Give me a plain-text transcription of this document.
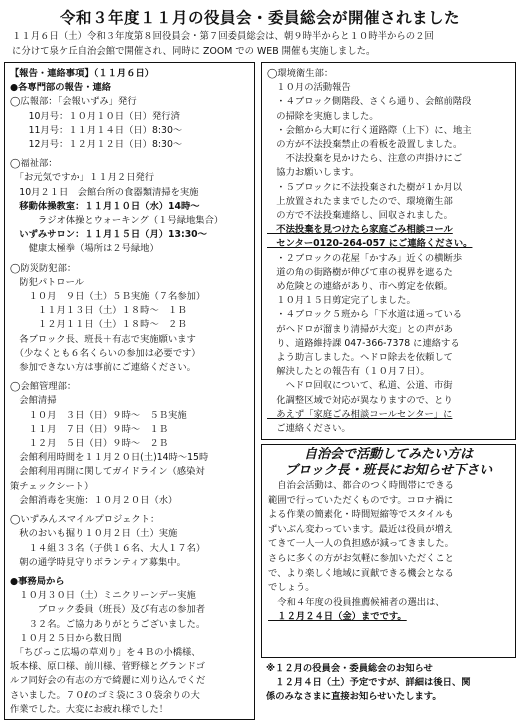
令和３年度１１月の役員会・委員総会が開催されました
１１月６日（土）令和３年度第８回役員会・第７回委員総会は、朝９時半からと１０時半からの２回
に分けて泉ケ丘自治会館で開催され、同時に ZOOM での WEB 開催も実施しました。
【報告・連絡事項】（１１月６日）
●各専門部の報告・連絡
◯広報部：「会報いずみ」発行
　　10月号：１０月１０日（日）発行済
　　11月号：１１月１４日（日）8:30～
　　12月号：１２月１２日（日）8:30～
◯福祉部：
　「お元気ですか」１１月２日発行
　10月２１日　会館台所の食器類清掃を実施
　移動体操教室：１１月１０日（水）14時～
　　　ラジオ体操とウォーキング（１号緑地集合）
　いずみサロン：１１月１５日（月）13:30～
　　健康太極拳（場所は２号緑地）
◯防災防犯部：
　防犯パトロール
　　１０月　９日（土）５Ｂ実施（７名参加）
　　　１１月１３日（土）１８時～　１Ｂ
　　　１２月１１日（土）１８時～　２Ｂ
　各ブロック長、班長＋有志で実施願います
　（少なくとも６名くらいの参加は必要です）
　参加できない方は事前にご連絡ください。
◯会館管理部：
　会館清掃
　　１０月　３日（日）９時～　５Ｂ実施
　　１１月　７日（日）９時～　１Ｂ
　　１２月　５日（日）９時～　２Ｂ
　会館利用時間を１１月２０日(土)14時～15時
　会館利用再開に関してガイドライン（感染対
策チェックシート）
　会館消毒を実施：１０月２０日（水）
◯いずみんスマイルプロジェクト：
　秋のおいも掘り１０月２日（土）実施
　　１４組３３名（子供１６名、大人１７名）
　朝の通学時見守りボランティア募集中。
●事務局から
　１０月３０日（土）ミニクリーンデー実施
　　　ブロック委員（班長）及び有志の参加者
　　３２名。ご協力ありがとうございました。
　１０月２５日から数日間
　「ちびっこ広場の草刈り」を４Ｂの小橋様、
坂本様、原口様、前川様、菅野様とグランドゴ
ルフ同好会の有志の方で綺麗に刈り込んでくだ
さいました。７０ℓのゴミ袋に３０袋余りの大
作業でした。大変にお疲れ様でした！
◯環境衛生部：
　１０月の活動報告
　・４ブロック側階段、さくら通り、会館前階段
　の掃除を実施しました。
　・会館から大町に行く道路際（上下）に、地主
　の方が不法投棄禁止の看板を設置しました。
　　不法投棄を見かけたら、注意の声掛けにご
　協力お願いします。
　・５ブロックに不法投棄された樹が１か月以
　上放置されたままでしたので、環境衛生部
　の方で不法投棄連絡し、回収されました。
　不法投棄を見つけたら家庭ごみ相談コール
　センター0120-264-057 にご連絡ください。
　・２ブロックの花屋「かすみ」近くの横断歩
　道の角の街路樹が伸びて車の視界を遮るた
　め危険との連絡があり、市へ剪定を依頼。
　１０月１５日剪定完了しました。
　・４ブロック５班から「下水道は通っている
　がヘドロが溜まり清掃が大変」との声があ
　り、道路維持課 047-366-7378 に連絡する
　よう助言しました。ヘドロ除去を依頼して
　解決したとの報告有（１０月７日）。
　　ヘドロ回収について、私道、公道、市街
　化調整区域で対応が異なりますので、とり
　あえず「家庭ごみ相談コールセンター」に
　ご連絡ください。
自治会で活動してみたい方は
ブロック長・班長にお知らせ下さい
　自治会活動は、都合のつく時間帯にできる
範囲で行っていただくものです。コロナ禍に
よる作業の簡素化・時間短縮等でスタイルも
ずいぶん変わっています。最近は役員が増え
てきて一人一人の負担感が減ってきました。
さらに多くの方がお気軽に参加いただくこと
で、より楽しく地域に貢献できる機会となる
でしょう。
　令和４年度の役員推薦候補者の選出は、
　１２月２４日（金）までです。
※１２月の役員会・委員総会のお知らせ
　１２月４日（土）予定ですが、詳細は後日、関
係のみなさまに直接お知らせいたします。
